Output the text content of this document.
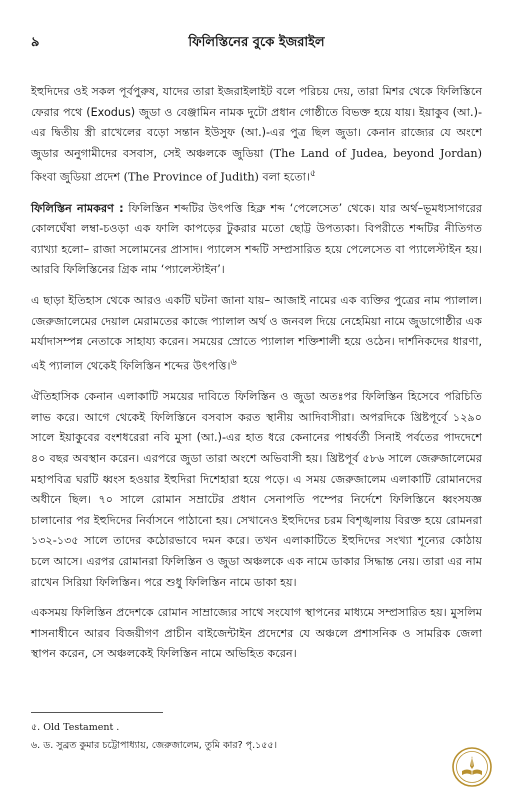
৯	ফিলিস্তিনের বুকে ইজরাইল

ইহুদিদের ওই সকল পূর্বপুরুষ, যাদের তারা ইজরাইলাইট বলে পরিচয় দেয়, তারা মিশর থেকে ফিলিস্তিনে ফেরার পথে (Exodus) জুডা ও বেঞ্জামিন নামক দুটো প্রধান গোষ্ঠীতে বিভক্ত হয়ে যায়। ইয়াকুব (আ.)-এর দ্বিতীয় স্ত্রী রাখেলের বড়ো সন্তান ইউসুফ (আ.)-এর পুত্র ছিল জুডা। কেনান রাজ্যের যে অংশে জুডার অনুগামীদের বসবাস, সেই অঞ্চলকে জুডিয়া (The Land of Judea, beyond Jordan) কিংবা জুডিয়া প্রদেশ (The Province of Judith) বলা হতো।$^৫$

ফিলিস্তিন নামকরণ : ফিলিস্তিন শব্দটির উৎপত্তি হিব্রু শব্দ ‘পেলেসেত’ থেকে। যার অর্থ–ভূমধ্যসাগরের কোলঘেঁষা লম্বা-চওড়া এক ফালি কাপড়ের টুকরার মতো ছোট্ট উপত্যকা। বিপরীতে শব্দটির নীতিগত ব্যাখ্যা হলো– রাজা সলোমনের প্রাসাদ। প্যালেস শব্দটি সম্প্রসারিত হয়ে পেলেসেত বা প্যালেস্টাইন হয়। আরবি ফিলিস্তিনের গ্রিক নাম ‘প্যালেস্টাইন’।

এ ছাড়া ইতিহাস থেকে আরও একটি ঘটনা জানা যায়– আজাই নামের এক ব্যক্তির পুত্রের নাম প্যালাল। জেরুজালেমের দেয়াল মেরামতের কাজে প্যালাল অর্থ ও জনবল দিয়ে নেহেমিয়া নামে জুডাগোষ্ঠীর এক মর্যাদাসম্পন্ন নেতাকে সাহায্য করেন। সময়ের স্রোতে প্যালাল শক্তিশালী হয়ে ওঠেন। দার্শনিকদের ধারণা, এই প্যালাল থেকেই ফিলিস্তিন শব্দের উৎপত্তি।$^৬$

ঐতিহাসিক কেনান এলাকাটি সময়ের দাবিতে ফিলিস্তিন ও জুডা অতঃপর ফিলিস্তিন হিসেবে পরিচিতি লাভ করে। আগে থেকেই ফিলিস্তিনে বসবাস করত স্থানীয় আদিবাসীরা। অপরদিকে খ্রিষ্টপূর্বে ১২৯০ সালে ইয়াকুবের বংশধরেরা নবি মুসা (আ.)-এর হাত ধরে কেনানের পাশ্বর্বর্তী সিনাই পর্বতের পাদদেশে ৪০ বছর অবস্থান করেন। এরপরে জুডা তারা অংশে অভিবাসী হয়। খ্রিষ্টপূর্ব ৫৮৬ সালে জেরুজালেমের মহাপবিত্র ঘরটি ধ্বংস হওয়ার ইহুদিরা দিশেহারা হয়ে পড়ে। এ সময় জেরুজালেম এলাকাটি রোমানদের অধীনে ছিল। ৭০ সালে রোমান সম্রাটের প্রধান সেনাপতি পম্পের নির্দেশে ফিলিস্তিনে ধ্বংসযজ্ঞ চালানোর পর ইহুদিদের নির্বাসনে পাঠানো হয়। সেখানেও ইহুদিদের চরম বিশৃঙ্খলায় বিরক্ত হয়ে রোমনরা ১৩২-১৩৫ সালে তাদের কঠোরভাবে দমন করে। তখন এলাকাটিতে ইহুদিদের সংখ্যা শূন্যের কোঠায় চলে আসে। এরপর রোমানরা ফিলিস্তিন ও জুডা অঞ্চলকে এক নামে ডাকার সিদ্ধান্ত নেয়। তারা এর নাম রাখেন সিরিয়া ফিলিস্তিন। পরে শুধু ফিলিস্তিন নামে ডাকা হয়।

একসময় ফিলিস্তিন প্রদেশকে রোমান সাম্রাজ্যের সাথে সংযোগ স্থাপনের মাধ্যমে সম্প্রসারিত হয়। মুসলিম শাসনাধীনে আরব বিজয়ীগণ প্রাচীন বাইজেন্টাইন প্রদেশের যে অঞ্চলে প্রশাসনিক ও সামরিক জেলা স্থাপন করেন, সে অঞ্চলকেই ফিলিস্তিন নামে অভিহিত করেন।

৫. Old Testament .
৬. ড. সুব্রত কুমার চট্টোপাধ্যায়, জেরুজালেম, তুমি কার? পৃ.১৫৫।
